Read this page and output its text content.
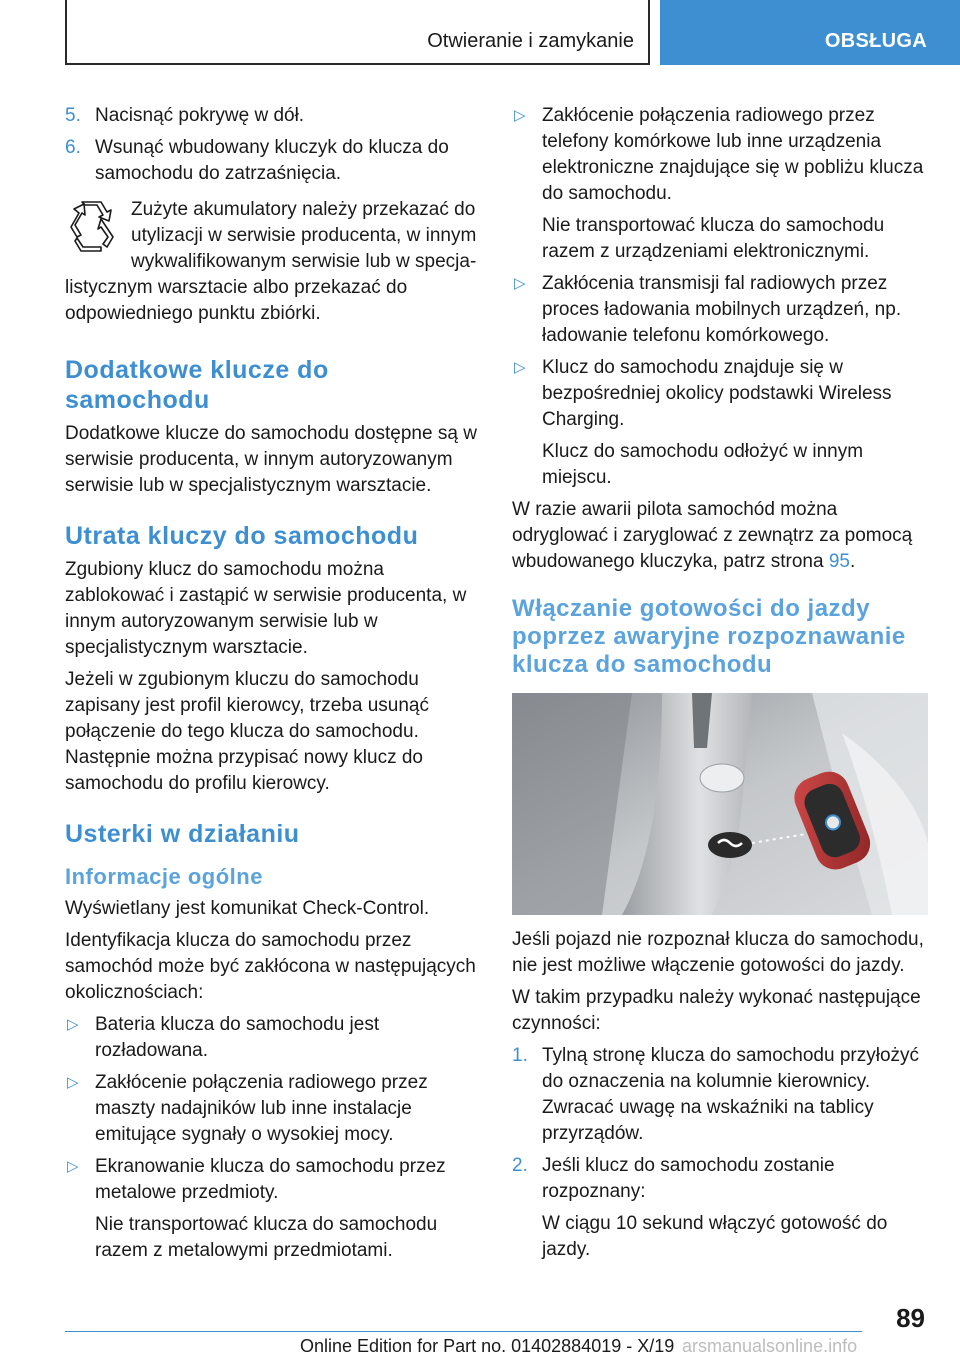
Otwieranie i zamykanie	OBSŁUGA
5. Nacisnąć pokrywę w dół.
6. Wsunąć wbudowany kluczyk do klucza do samochodu do zatrzaśnięcia.
Zużyte akumulatory należy przekazać do utylizacji w serwisie producenta, w innym wykwalifikowanym serwisie lub w specja-
listycznym warsztacie albo przekazać do odpowiedniego punktu zbiórki.
Dodatkowe klucze do samochodu

Dodatkowe klucze do samochodu dostępne są w serwisie producenta, w innym autoryzowanym serwisie lub w specjalistycznym warsztacie.

Utrata kluczy do samochodu

Zgubiony klucz do samochodu można zablokować i zastąpić w serwisie producenta, w innym autoryzowanym serwisie lub w specjalistycznym warsztacie.

Jeżeli w zgubionym kluczu do samochodu zapisany jest profil kierowcy, trzeba usunąć połączenie do tego klucza do samochodu. Następnie można przypisać nowy klucz do samochodu do profilu kierowcy.

Usterki w działaniu
Informacje ogólne

Wyświetlany jest komunikat Check-Control.

Identyfikacja klucza do samochodu przez samochód może być zakłócona w następujących okolicznościach:

▷ Bateria klucza do samochodu jest rozładowana.
▷ Zakłócenie połączenia radiowego przez maszty nadajników lub inne instalacje emitujące sygnały o wysokiej mocy.
▷ Ekranowanie klucza do samochodu przez metalowe przedmioty.
Nie transportować klucza do samochodu razem z metalowymi przedmiotami.
▷ Zakłócenie połączenia radiowego przez telefony komórkowe lub inne urządzenia elektroniczne znajdujące się w pobliżu klucza do samochodu.
Nie transportować klucza do samochodu razem z urządzeniami elektronicznymi.
▷ Zakłócenia transmisji fal radiowych przez proces ładowania mobilnych urządzeń, np. ładowanie telefonu komórkowego.
▷ Klucz do samochodu znajduje się w bezpośredniej okolicy podstawki Wireless Charging.
Klucz do samochodu odłożyć w innym miejscu.

W razie awarii pilota samochód można odryglować i zaryglować z zewnątrz za pomocą wbudowanego kluczyka, patrz strona 95.

Włączanie gotowości do jazdy poprzez awaryjne rozpoznawanie klucza do samochodu

Jeśli pojazd nie rozpoznał klucza do samochodu, nie jest możliwe włączenie gotowości do jazdy.

W takim przypadku należy wykonać następujące czynności:

1. Tylną stronę klucza do samochodu przyłożyć do oznaczenia na kolumnie kierownicy. Zwracać uwagę na wskaźniki na tablicy przyrządów.
2. Jeśli klucz do samochodu zostanie rozpoznany:
W ciągu 10 sekund włączyć gotowość do jazdy.
89
Online Edition for Part no. 01402884019 - X/19 arsmanualsonline.info
